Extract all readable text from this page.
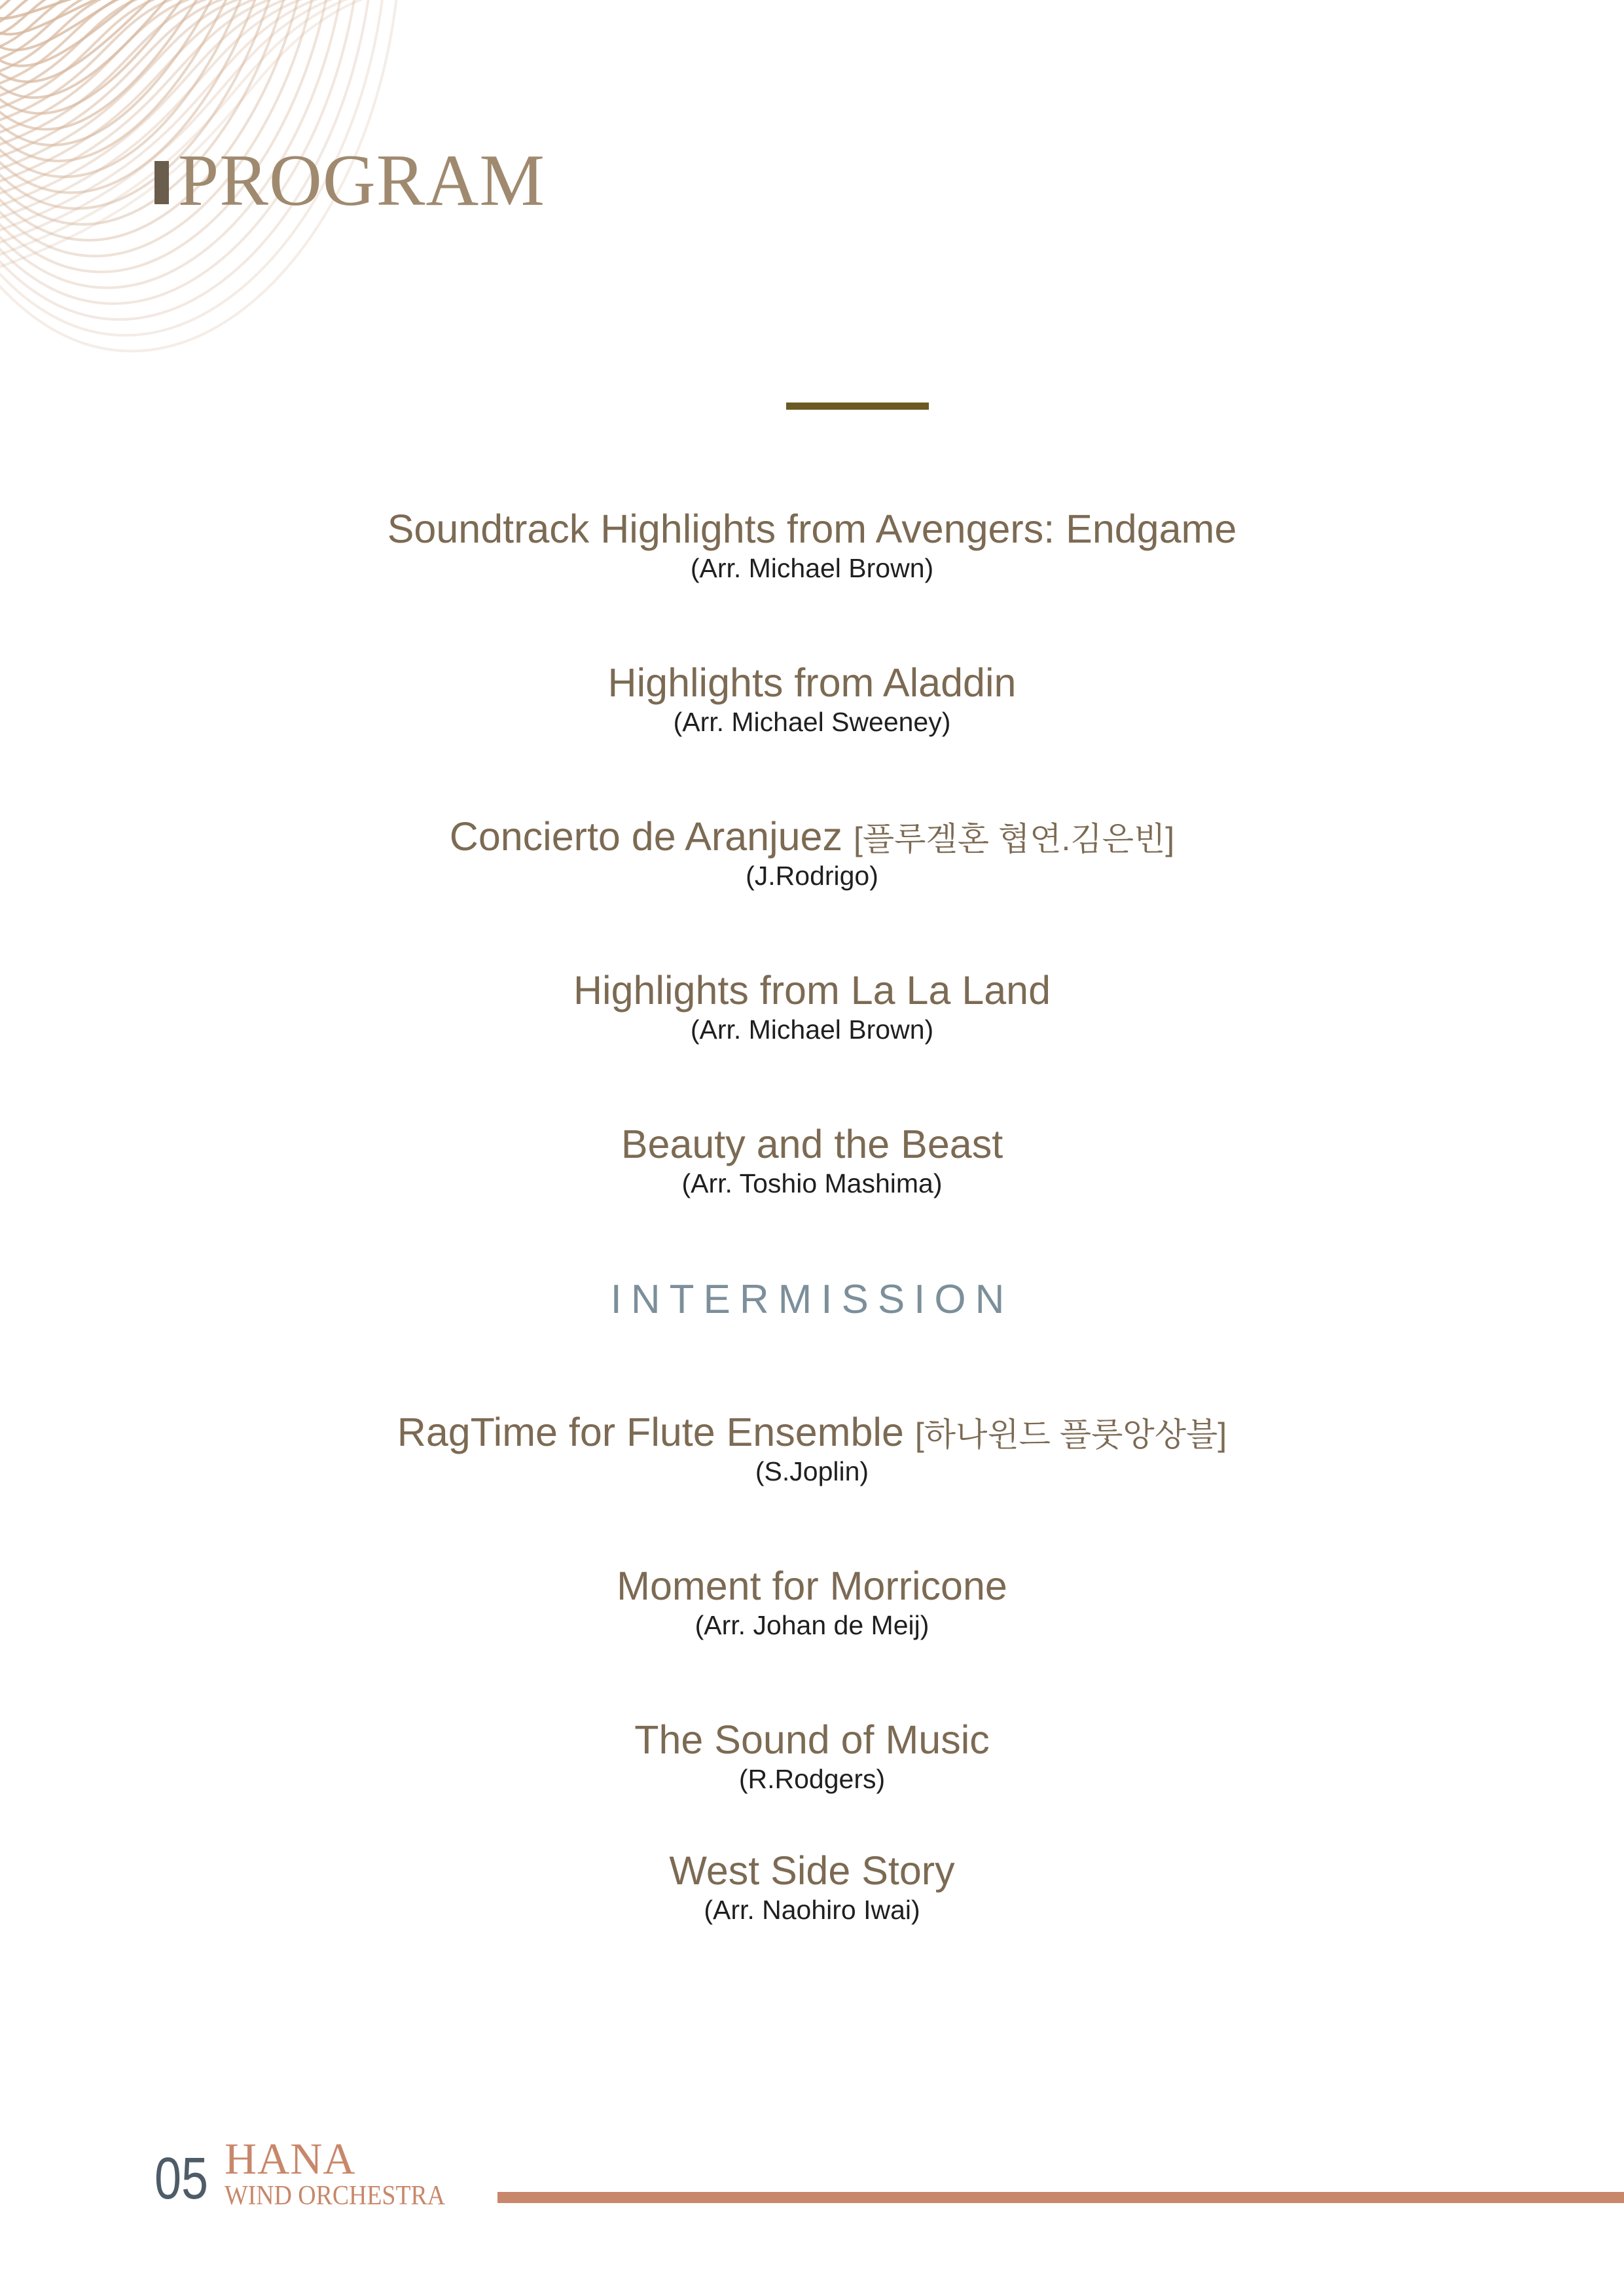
PROGRAM
Soundtrack Highlights from Avengers: Endgame
(Arr. Michael Brown)
Highlights from Aladdin
(Arr. Michael Sweeney)
Concierto de Aranjuez [플루겔혼 협연.김은빈]
(J.Rodrigo)
Highlights from La La Land
(Arr. Michael Brown)
Beauty and the Beast
(Arr. Toshio Mashima)
INTERMISSION
RagTime for Flute Ensemble [하나윈드 플룻앙상블]
(S.Joplin)
Moment for Morricone
(Arr. Johan de Meij)
The Sound of Music
(R.Rodgers)
West Side Story
(Arr. Naohiro Iwai)
05 HANA
WIND ORCHESTRA
